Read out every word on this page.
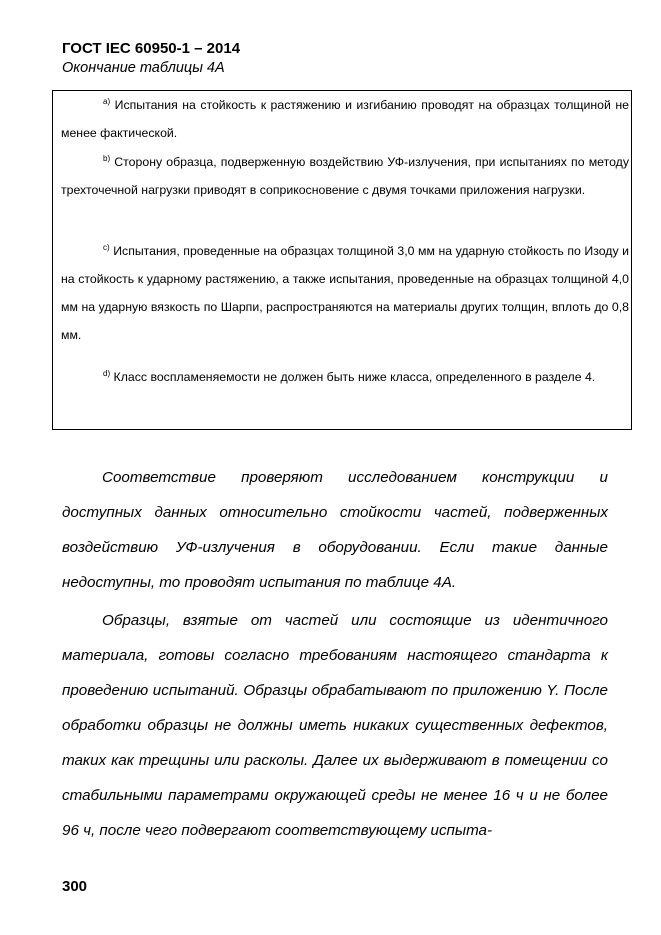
ГОСТ IEC 60950-1 – 2014
Окончание таблицы 4А
$^{a)}$ Испытания на стойкость к растяжению и изгибанию проводят на образцах толщиной не менее фактической.
$^{b)}$ Сторону образца, подверженную воздействию УФ-излучения, при испытаниях по методу трехточечной нагрузки приводят в соприкосновение с двумя точками приложения нагрузки.
$^{c)}$ Испытания, проведенные на образцах толщиной 3,0 мм на ударную стойкость по Изоду и на стойкость к ударному растяжению, а также испытания, проведенные на образцах толщиной 4,0 мм на ударную вязкость по Шарпи, распространяются на материалы других толщин, вплоть до 0,8 мм.
$^{d)}$ Класс воспламеняемости не должен быть ниже класса, определенного в разделе 4.
Соответствие проверяют исследованием конструкции и доступных данных относительно стойкости частей, подверженных воздействию УФ-излучения в оборудовании. Если такие данные недоступны, то проводят испытания по таблице 4А.
Образцы, взятые от частей или состоящие из идентичного материала, готовы согласно требованиям настоящего стандарта к проведению испытаний. Образцы обрабатывают по приложению Y. После обработки образцы не должны иметь никаких существенных дефектов, таких как трещины или расколы. Далее их выдерживают в помещении со стабильными параметрами окружающей среды не менее 16 ч и не более 96 ч, после чего подвергают соответствующему испыта-
300
